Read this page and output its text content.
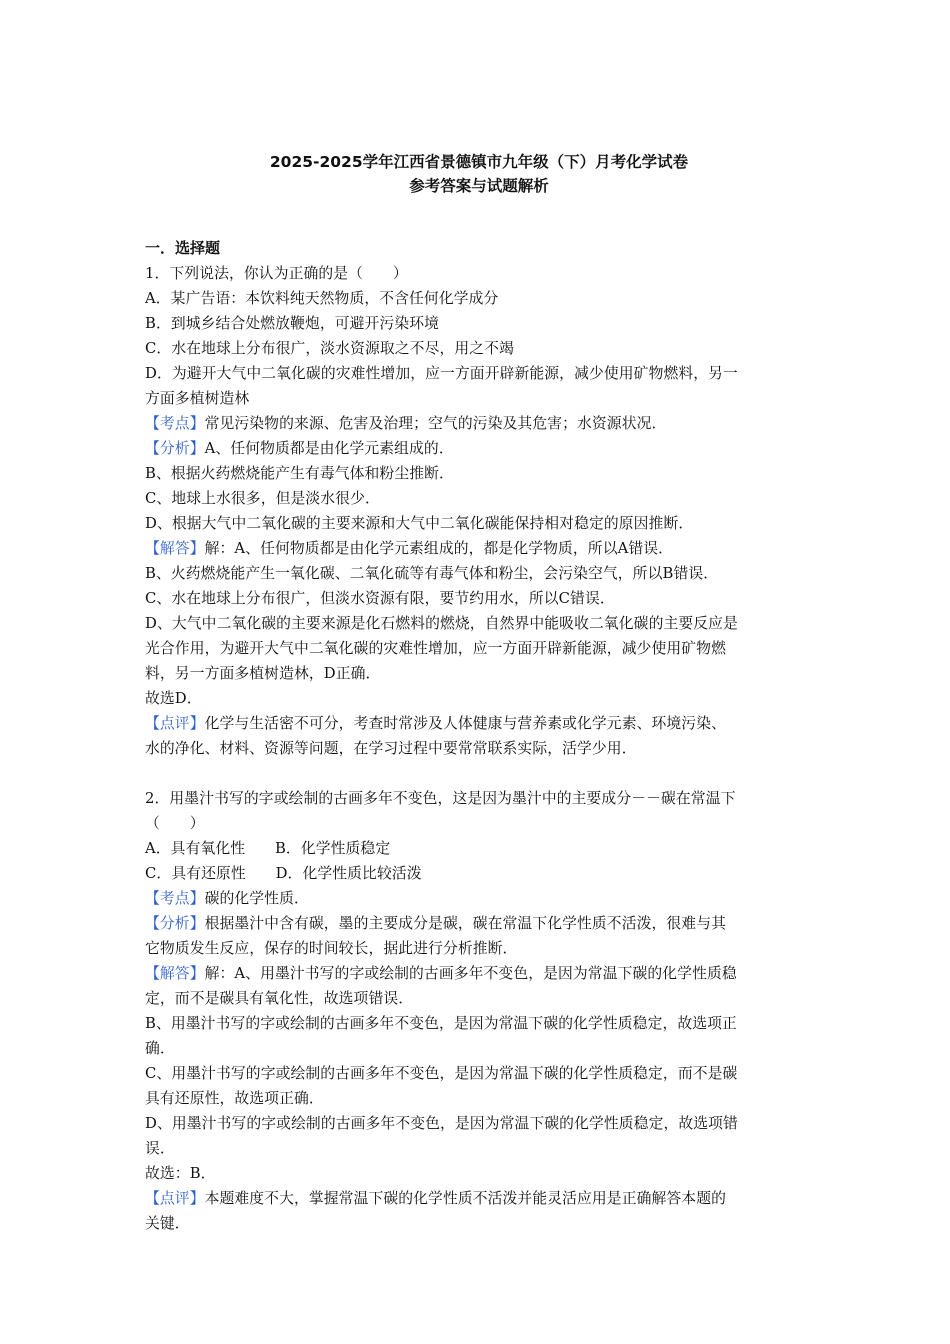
2025-2025学年江西省景德镇市九年级（下）月考化学试卷

参考答案与试题解析

一．选择题
1．下列说法，你认为正确的是（　　）
A．某广告语：本饮料纯天然物质，不含任何化学成分
B．到城乡结合处燃放鞭炮，可避开污染环境
C．水在地球上分布很广，淡水资源取之不尽，用之不竭
D．为避开大气中二氧化碳的灾难性增加，应一方面开辟新能源，减少使用矿物燃料，另一
方面多植树造林
【考点】常见污染物的来源、危害及治理；空气的污染及其危害；水资源状况．
【分析】A、任何物质都是由化学元素组成的．
B、根据火药燃烧能产生有毒气体和粉尘推断．
C、地球上水很多，但是淡水很少．
D、根据大气中二氧化碳的主要来源和大气中二氧化碳能保持相对稳定的原因推断．
【解答】解：A、任何物质都是由化学元素组成的，都是化学物质，所以A错误．
B、火药燃烧能产生一氧化碳、二氧化硫等有毒气体和粉尘，会污染空气，所以B错误．
C、水在地球上分布很广，但淡水资源有限，要节约用水，所以C错误．
D、大气中二氧化碳的主要来源是化石燃料的燃烧，自然界中能吸收二氧化碳的主要反应是
光合作用，为避开大气中二氧化碳的灾难性增加，应一方面开辟新能源，减少使用矿物燃
料，另一方面多植树造林，D正确．
故选D．
【点评】化学与生活密不可分，考查时常涉及人体健康与营养素或化学元素、环境污染、
水的净化、材料、资源等问题，在学习过程中要常常联系实际，活学少用．
2．用墨汁书写的字或绘制的古画多年不变色，这是因为墨汁中的主要成分－－碳在常温下
（　　）
A．具有氧化性　　B．化学性质稳定
C．具有还原性　　D．化学性质比较活泼
【考点】碳的化学性质．
【分析】根据墨汁中含有碳，墨的主要成分是碳，碳在常温下化学性质不活泼，很难与其
它物质发生反应，保存的时间较长，据此进行分析推断．
【解答】解：A、用墨汁书写的字或绘制的古画多年不变色，是因为常温下碳的化学性质稳
定，而不是碳具有氧化性，故选项错误．
B、用墨汁书写的字或绘制的古画多年不变色，是因为常温下碳的化学性质稳定，故选项正
确．
C、用墨汁书写的字或绘制的古画多年不变色，是因为常温下碳的化学性质稳定，而不是碳
具有还原性，故选项正确．
D、用墨汁书写的字或绘制的古画多年不变色，是因为常温下碳的化学性质稳定，故选项错
误．
故选：B．
【点评】本题难度不大，掌握常温下碳的化学性质不活泼并能灵活应用是正确解答本题的
关键．
